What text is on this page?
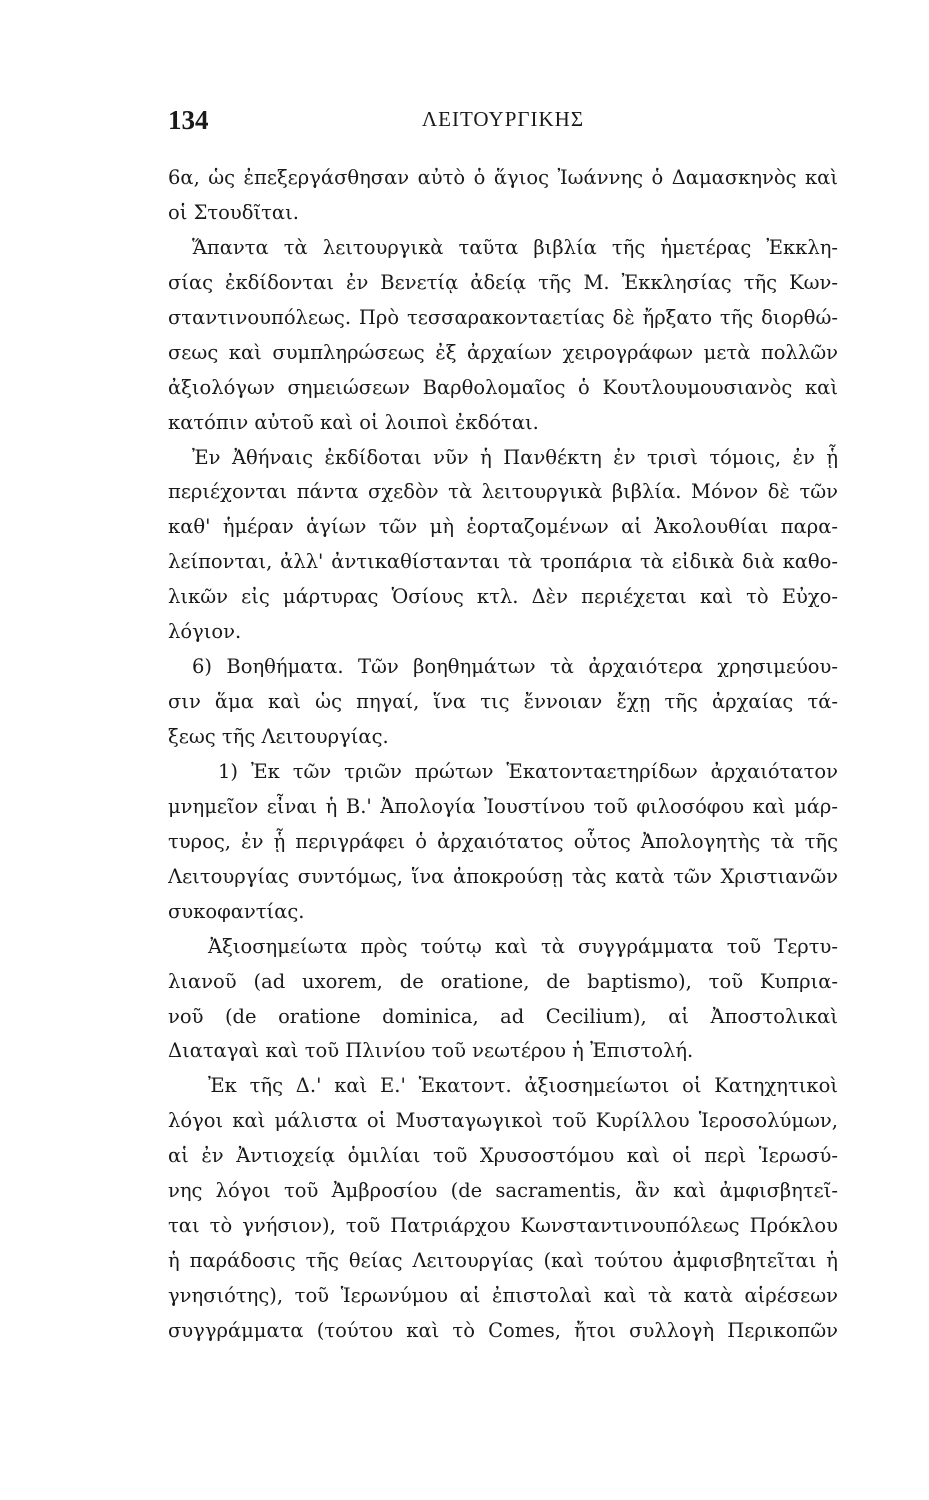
134	ΛΕΙΤΟΥΡΓΙΚΗΣ
6α, ὡς ἐπεξεργάσθησαν αὐτὸ ὁ ἅγιος Ἰωάννης ὁ Δαμασκηνὸς καὶ
οἱ Στουδῖται.
Ἅπαντα τὰ λειτουργικὰ ταῦτα βιβλία τῆς ἡμετέρας Ἐκκλη-
σίας ἐκδίδονται ἐν Βενετίᾳ ἀδείᾳ τῆς Μ. Ἐκκλησίας τῆς Κων-
σταντινουπόλεως. Πρὸ τεσσαρακονταετίας δὲ ἤρξατο τῆς διορθώ-
σεως καὶ συμπληρώσεως ἐξ ἀρχαίων χειρογράφων μετὰ πολλῶν
ἀξιολόγων σημειώσεων Βαρθολομαῖος ὁ Κουτλουμουσιανὸς καὶ
κατόπιν αὐτοῦ καὶ οἱ λοιποὶ ἐκδόται.
Ἐν Ἀθήναις ἐκδίδοται νῦν ἡ Πανθέκτη ἐν τρισὶ τόμοις, ἐν ᾗ
περιέχονται πάντα σχεδὸν τὰ λειτουργικὰ βιβλία. Μόνον δὲ τῶν
καθ' ἡμέραν ἁγίων τῶν μὴ ἑορταζομένων αἱ Ἀκολουθίαι παρα-
λείπονται, ἀλλ' ἀντικαθίστανται τὰ τροπάρια τὰ εἰδικὰ διὰ καθο-
λικῶν εἰς μάρτυρας Ὁσίους κτλ. Δὲν περιέχεται καὶ τὸ Εὐχο-
λόγιον.
6) Βοηθήματα. Τῶν βοηθημάτων τὰ ἀρχαιότερα χρησιμεύου-
σιν ἅμα καὶ ὡς πηγαί, ἵνα τις ἔννοιαν ἔχῃ τῆς ἀρχαίας τά-
ξεως τῆς Λειτουργίας.
1) Ἐκ τῶν τριῶν πρώτων Ἑκατονταετηρίδων ἀρχαιότατον
μνημεῖον εἶναι ἡ Β.' Ἀπολογία Ἰουστίνου τοῦ φιλοσόφου καὶ μάρ-
τυρος, ἐν ᾗ περιγράφει ὁ ἀρχαιότατος οὗτος Ἀπολογητὴς τὰ τῆς
Λειτουργίας συντόμως, ἵνα ἀποκρούσῃ τὰς κατὰ τῶν Χριστιανῶν
συκοφαντίας.
Ἀξιοσημείωτα πρὸς τούτῳ καὶ τὰ συγγράμματα τοῦ Τερτυ-
λιανοῦ (ad uxorem, de oratione, de baptismo), τοῦ Κυπρια-
νοῦ (de oratione dominica, ad Cecilium), αἱ Ἀποστολικαὶ
Διαταγαὶ καὶ τοῦ Πλινίου τοῦ νεωτέρου ἡ Ἐπιστολή.
Ἐκ τῆς Δ.' καὶ Ε.' Ἑκατοντ. ἀξιοσημείωτοι οἱ Κατηχητικοὶ
λόγοι καὶ μάλιστα οἱ Μυσταγωγικοὶ τοῦ Κυρίλλου Ἱεροσολύμων,
αἱ ἐν Ἀντιοχείᾳ ὁμιλίαι τοῦ Χρυσοστόμου καὶ οἱ περὶ Ἱερωσύ-
νης λόγοι τοῦ Ἀμβροσίου (de sacramentis, ἂν καὶ ἀμφισβητεῖ-
ται τὸ γνήσιον), τοῦ Πατριάρχου Κωνσταντινουπόλεως Πρόκλου
ἡ παράδοσις τῆς θείας Λειτουργίας (καὶ τούτου ἀμφισβητεῖται ἡ
γνησιότης), τοῦ Ἱερωνύμου αἱ ἐπιστολαὶ καὶ τὰ κατὰ αἱρέσεων
συγγράμματα (τούτου καὶ τὸ Comes, ἤτοι συλλογὴ Περικοπῶν
